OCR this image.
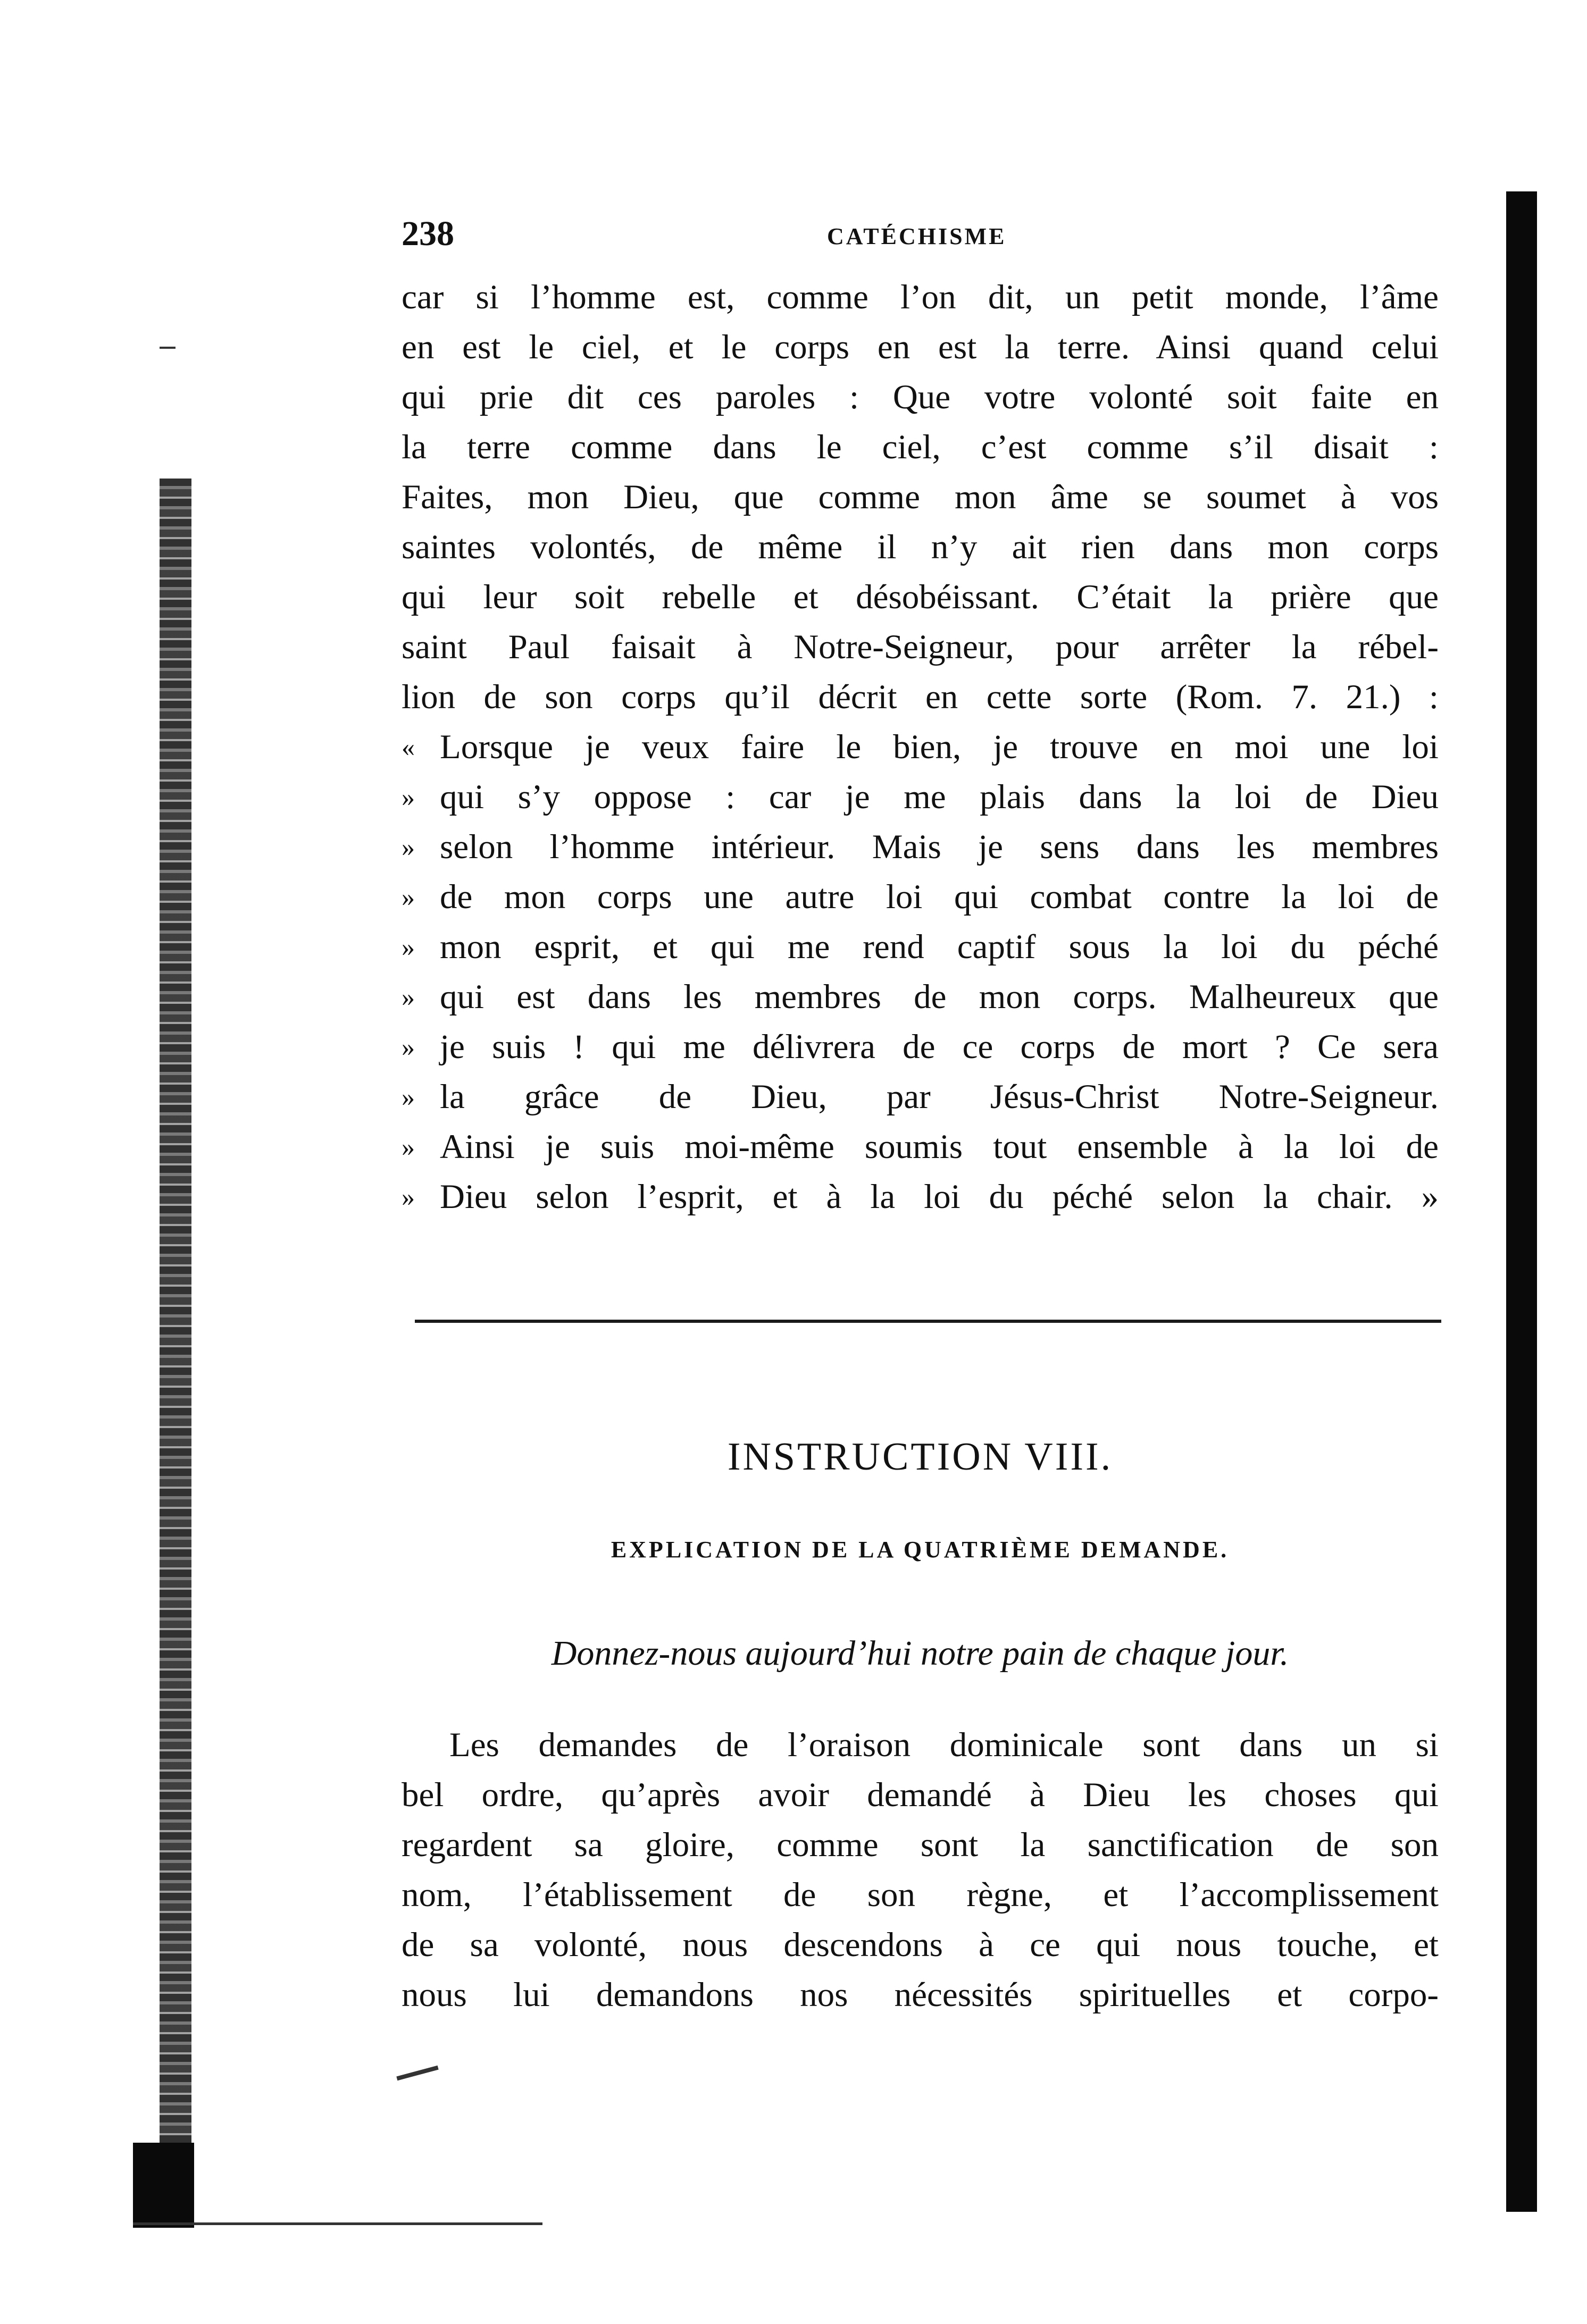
238	CATÉCHISME
car si l’homme est, comme l’on dit, un petit monde, l’âme
en est le ciel, et le corps en est la terre. Ainsi quand celui
qui prie dit ces paroles : Que votre volonté soit faite en
la terre comme dans le ciel, c’est comme s’il disait :
Faites, mon Dieu, que comme mon âme se soumet à vos
saintes volontés, de même il n’y ait rien dans mon corps
qui leur soit rebelle et désobéissant. C’était la prière que
saint Paul faisait à Notre-Seigneur, pour arrêter la rébel-
lion de son corps qu’il décrit en cette sorte (Rom. 7. 21.) :
« Lorsque je veux faire le bien, je trouve en moi une loi
» qui s’y oppose : car je me plais dans la loi de Dieu
» selon l’homme intérieur. Mais je sens dans les membres
» de mon corps une autre loi qui combat contre la loi de
» mon esprit, et qui me rend captif sous la loi du péché
» qui est dans les membres de mon corps. Malheureux que
» je suis ! qui me délivrera de ce corps de mort ? Ce sera
» la grâce de Dieu, par Jésus-Christ Notre-Seigneur.
» Ainsi je suis moi-même soumis tout ensemble à la loi de
» Dieu selon l’esprit, et à la loi du péché selon la chair. »
INSTRUCTION VIII.
EXPLICATION DE LA QUATRIÈME DEMANDE.
Donnez-nous aujourd’hui notre pain de chaque jour.
Les demandes de l’oraison dominicale sont dans un si
bel ordre, qu’après avoir demandé à Dieu les choses qui
regardent sa gloire, comme sont la sanctification de son
nom, l’établissement de son règne, et l’accomplissement
de sa volonté, nous descendons à ce qui nous touche, et
nous lui demandons nos nécessités spirituelles et corpo-
